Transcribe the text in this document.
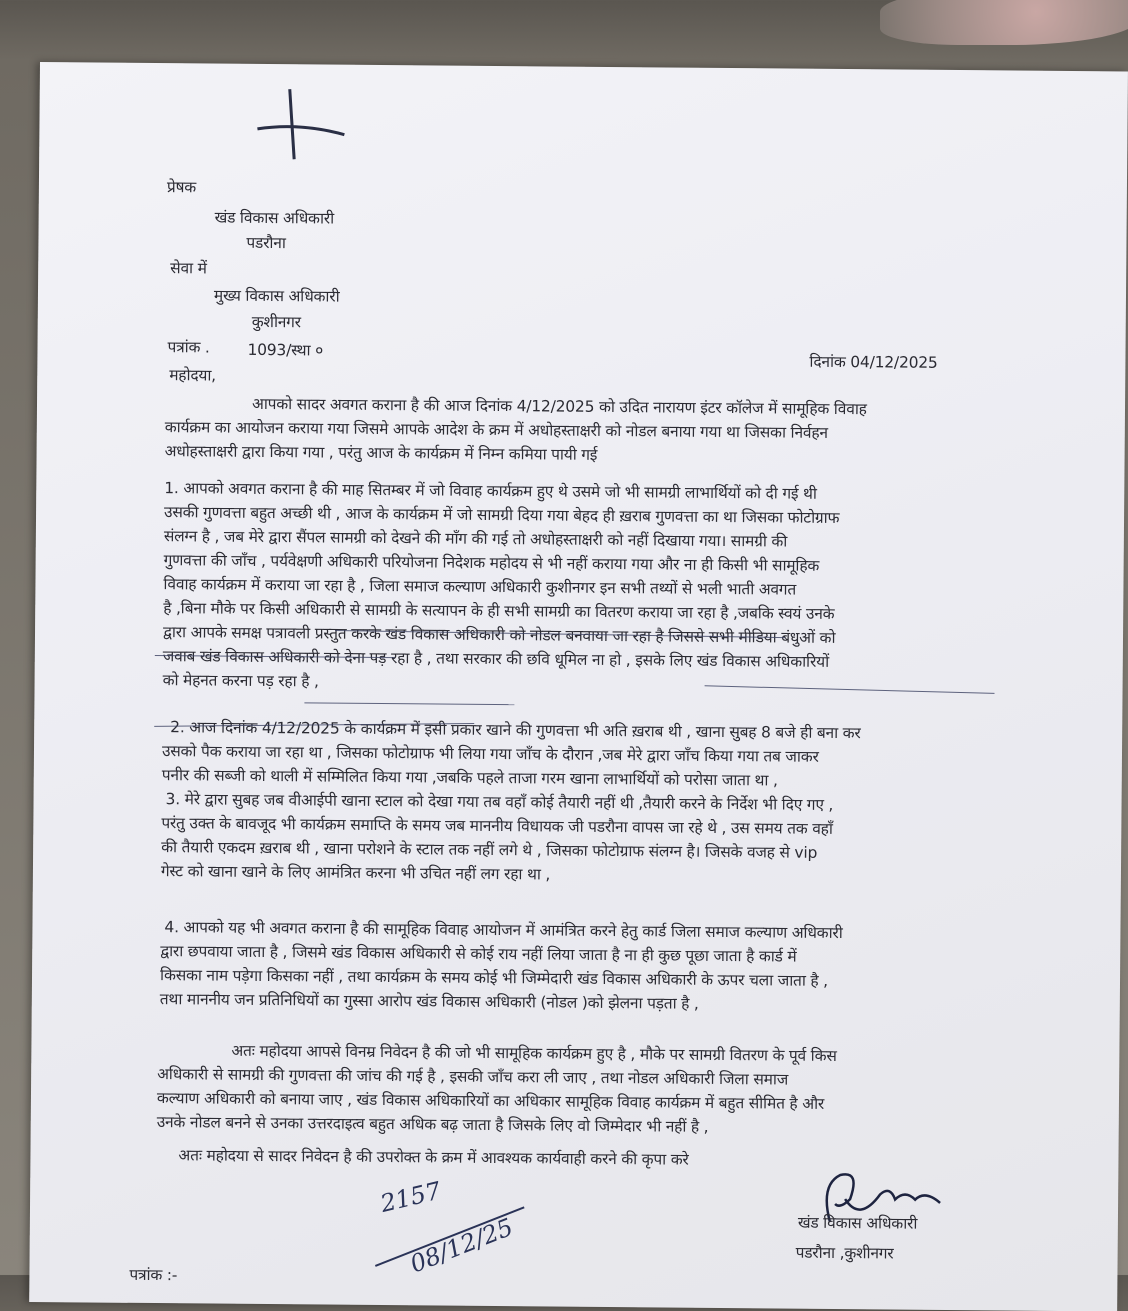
प्रेषक
खंड विकास अधिकारी
पडरौना
सेवा में
मुख्य विकास अधिकारी
कुशीनगर
पत्रांक . 1093/स्था ०
दिनांक 04/12/2025
महोदया,
आपको सादर अवगत कराना है की आज दिनांक 4/12/2025 को उदित नारायण इंटर कॉलेज में सामूहिक विवाह
कार्यक्रम का आयोजन कराया गया जिसमे आपके आदेश के क्रम में अधोहस्ताक्षरी को नोडल बनाया गया था जिसका निर्वहन
अधोहस्ताक्षरी द्वारा किया गया , परंतु आज के कार्यक्रम में निम्न कमिया पायी गई
1. आपको अवगत कराना है की माह सितम्बर में जो विवाह कार्यक्रम हुए थे उसमे जो भी सामग्री लाभार्थियों को दी गई थी
उसकी गुणवत्ता बहुत अच्छी थी , आज के कार्यक्रम में जो सामग्री दिया गया बेहद ही ख़राब गुणवत्ता का था जिसका फोटोग्राफ
संलग्न है , जब मेरे द्वारा सैंपल सामग्री को देखने की माँग की गई तो अधोहस्ताक्षरी को नहीं दिखाया गया। सामग्री की
गुणवत्ता की जाँच , पर्यवेक्षणी अधिकारी परियोजना निदेशक महोदय से भी नहीं कराया गया और ना ही किसी भी सामूहिक
विवाह कार्यक्रम में कराया जा रहा है , जिला समाज कल्याण अधिकारी कुशीनगर इन सभी तथ्यों से भली भाती अवगत
है ,बिना मौके पर किसी अधिकारी से सामग्री के सत्यापन के ही सभी सामग्री का वितरण कराया जा रहा है ,जबकि स्वयं उनके
द्वारा आपके समक्ष पत्रावली प्रस्तुत करके खंड विकास अधिकारी को नोडल बनवाया जा रहा है जिससे सभी मीडिया बंधुओं को
जवाब खंड विकास अधिकारी को देना पड़ रहा है , तथा सरकार की छवि धूमिल ना हो , इसके लिए खंड विकास अधिकारियों
को मेहनत करना पड़ रहा है ,
2. आज दिनांक 4/12/2025 के कार्यक्रम में इसी प्रकार खाने की गुणवत्ता भी अति ख़राब थी , खाना सुबह 8 बजे ही बना कर
उसको पैक कराया जा रहा था , जिसका फोटोग्राफ भी लिया गया जाँच के दौरान ,जब मेरे द्वारा जाँच किया गया तब जाकर
पनीर की सब्जी को थाली में सम्मिलित किया गया ,जबकि पहले ताजा गरम खाना लाभार्थियों को परोसा जाता था ,
3. मेरे द्वारा सुबह जब वीआईपी खाना स्टाल को देखा गया तब वहाँ कोई तैयारी नहीं थी ,तैयारी करने के निर्देश भी दिए गए ,
परंतु उक्त के बावजूद भी कार्यक्रम समाप्ति के समय जब माननीय विधायक जी पडरौना वापस जा रहे थे , उस समय तक वहाँ
की तैयारी एकदम ख़राब थी , खाना परोशने के स्टाल तक नहीं लगे थे , जिसका फोटोग्राफ संलग्न है। जिसके वजह से vip
गेस्ट को खाना खाने के लिए आमंत्रित करना भी उचित नहीं लग रहा था ,
4. आपको यह भी अवगत कराना है की सामूहिक विवाह आयोजन में आमंत्रित करने हेतु कार्ड जिला समाज कल्याण अधिकारी
द्वारा छपवाया जाता है , जिसमे खंड विकास अधिकारी से कोई राय नहीं लिया जाता है ना ही कुछ पूछा जाता है कार्ड में
किसका नाम पड़ेगा किसका नहीं , तथा कार्यक्रम के समय कोई भी जिम्मेदारी खंड विकास अधिकारी के ऊपर चला जाता है ,
तथा माननीय जन प्रतिनिधियों का गुस्सा आरोप खंड विकास अधिकारी (नोडल )को झेलना पड़ता है ,
अतः महोदया आपसे विनम्र निवेदन है की जो भी सामूहिक कार्यक्रम हुए है , मौके पर सामग्री वितरण के पूर्व किस
अधिकारी से सामग्री की गुणवत्ता की जांच की गई है , इसकी जाँच करा ली जाए , तथा नोडल अधिकारी जिला समाज
कल्याण अधिकारी को बनाया जाए , खंड विकास अधिकारियों का अधिकार सामूहिक विवाह कार्यक्रम में बहुत सीमित है और
उनके नोडल बनने से उनका उत्तरदाइत्व बहुत अधिक बढ़ जाता है जिसके लिए वो जिम्मेदार भी नहीं है ,
अतः महोदया से सादर निवेदन है की उपरोक्त के क्रम में आवश्यक कार्यवाही करने की कृपा करे
खंड विकास अधिकारी
पडरौना ,कुशीनगर
2157
08/12/25
पत्रांक :-
